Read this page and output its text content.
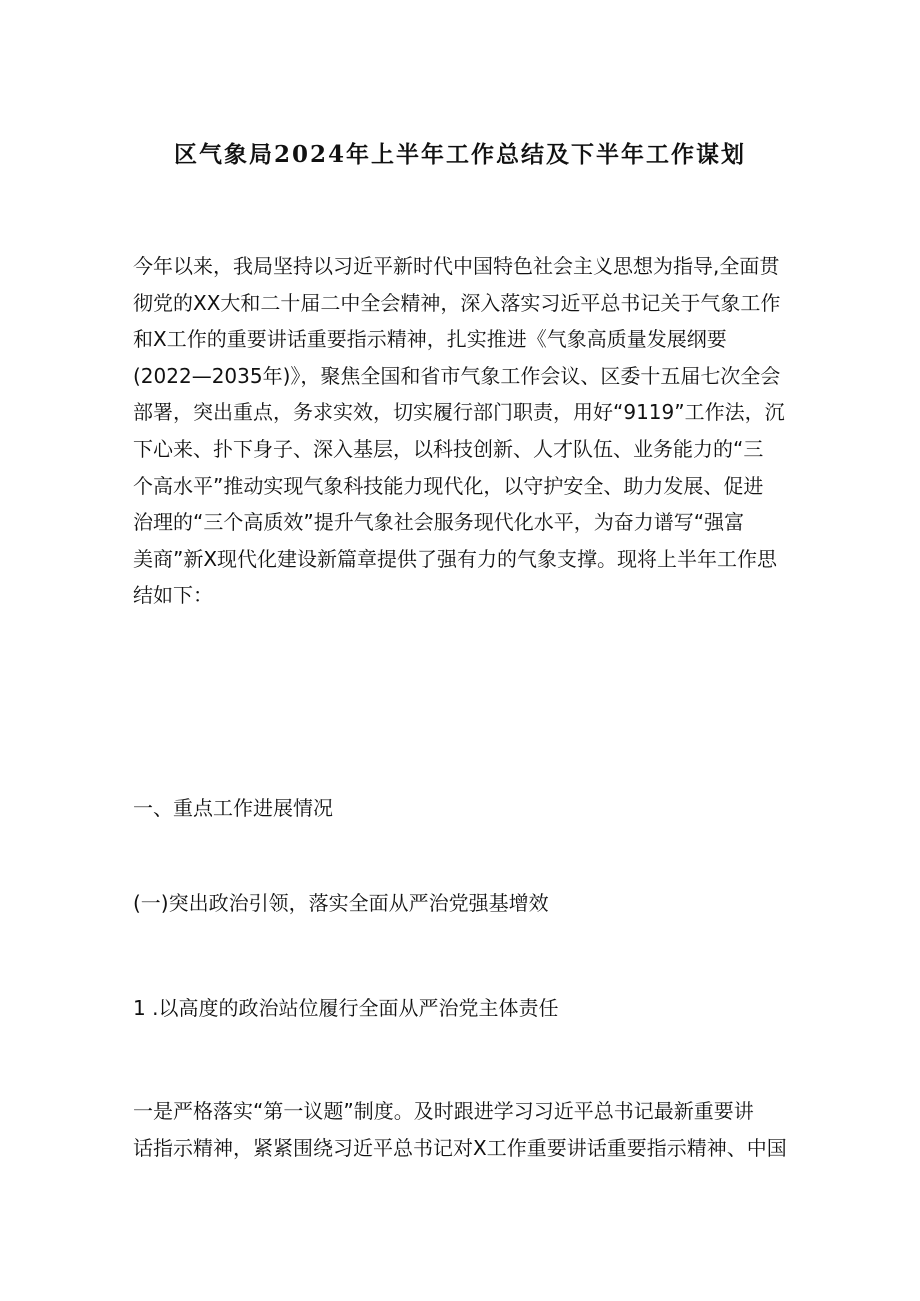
区气象局2024年上半年工作总结及下半年工作谋划
今年以来，我局坚持以习近平新时代中国特色社会主义思想为指导,全面贯
彻党的XX大和二十届二中全会精神，深入落实习近平总书记关于气象工作
和X工作的重要讲话重要指示精神，扎实推进《气象高质量发展纲要
(2022—2035年)》，聚焦全国和省市气象工作会议、区委十五届七次全会
部署，突出重点，务求实效，切实履行部门职责，用好“9119”工作法，沉
下心来、扑下身子、深入基层，以科技创新、人才队伍、业务能力的“三
个高水平”推动实现气象科技能力现代化，以守护安全、助力发展、促进
治理的“三个高质效”提升气象社会服务现代化水平，为奋力谱写“强富
美商”新X现代化建设新篇章提供了强有力的气象支撑。现将上半年工作思
结如下：
一、重点工作进展情况
(一)突出政治引领，落实全面从严治党强基增效
1 .以高度的政治站位履行全面从严治党主体责任
一是严格落实“第一议题”制度。及时跟进学习习近平总书记最新重要讲
话指示精神，紧紧围绕习近平总书记对X工作重要讲话重要指示精神、中国
